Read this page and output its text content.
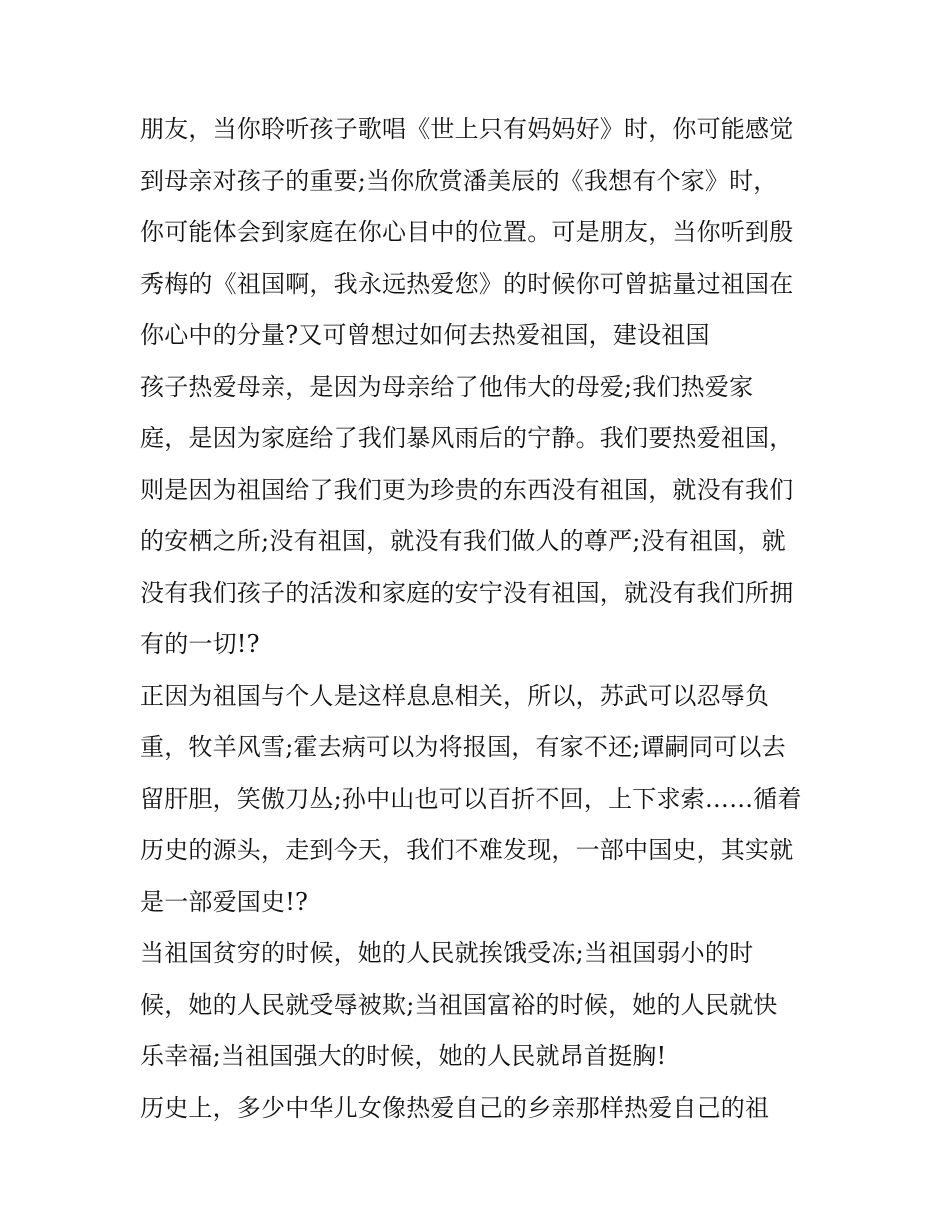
朋友，当你聆听孩子歌唱《世上只有妈妈好》时，你可能感觉
到母亲对孩子的重要;当你欣赏潘美辰的《我想有个家》时，
你可能体会到家庭在你心目中的位置。可是朋友，当你听到殷
秀梅的《祖国啊，我永远热爱您》的时候你可曾掂量过祖国在
你心中的分量?又可曾想过如何去热爱祖国，建设祖国
孩子热爱母亲，是因为母亲给了他伟大的母爱;我们热爱家
庭，是因为家庭给了我们暴风雨后的宁静。我们要热爱祖国，
则是因为祖国给了我们更为珍贵的东西没有祖国，就没有我们
的安栖之所;没有祖国，就没有我们做人的尊严;没有祖国，就
没有我们孩子的活泼和家庭的安宁没有祖国，就没有我们所拥
有的一切!?
正因为祖国与个人是这样息息相关，所以，苏武可以忍辱负
重，牧羊风雪;霍去病可以为将报国，有家不还;谭嗣同可以去
留肝胆，笑傲刀丛;孙中山也可以百折不回，上下求索……循着
历史的源头，走到今天，我们不难发现，一部中国史，其实就
是一部爱国史!?
当祖国贫穷的时候，她的人民就挨饿受冻;当祖国弱小的时
候，她的人民就受辱被欺;当祖国富裕的时候，她的人民就快
乐幸福;当祖国强大的时候，她的人民就昂首挺胸!
历史上，多少中华儿女像热爱自己的乡亲那样热爱自己的祖
